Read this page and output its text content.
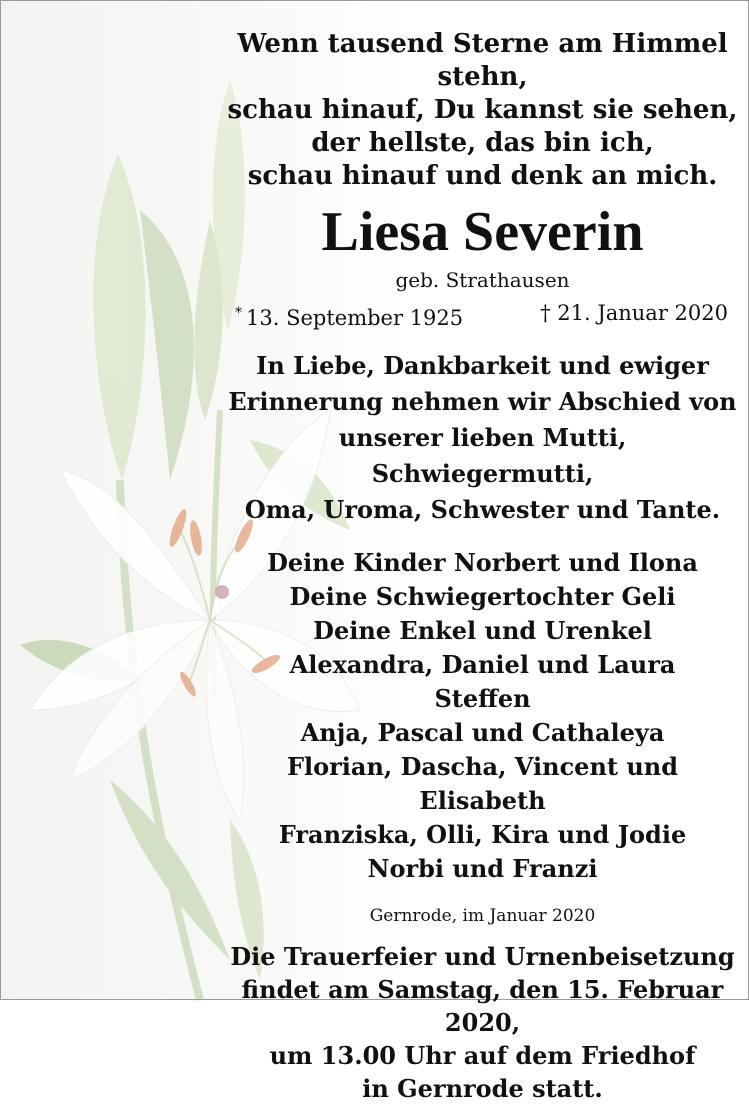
Wenn tausend Sterne am Himmel stehn,
schau hinauf, Du kannst sie sehen,
der hellste, das bin ich,
schau hinauf und denk an mich.
Liesa Severin
geb. Strathausen
* 13. September 1925	† 21. Januar 2020
In Liebe, Dankbarkeit und ewiger
Erinnerung nehmen wir Abschied von
unserer lieben Mutti, Schwiegermutti,
Oma, Uroma, Schwester und Tante.
Deine Kinder Norbert und Ilona
Deine Schwiegertochter Geli
Deine Enkel und Urenkel
Alexandra, Daniel und Laura
Steffen
Anja, Pascal und Cathaleya
Florian, Dascha, Vincent und Elisabeth
Franziska, Olli, Kira und Jodie
Norbi und Franzi
Gernrode, im Januar 2020
Die Trauerfeier und Urnenbeisetzung
findet am Samstag, den 15. Februar 2020,
um 13.00 Uhr auf dem Friedhof
in Gernrode statt.
